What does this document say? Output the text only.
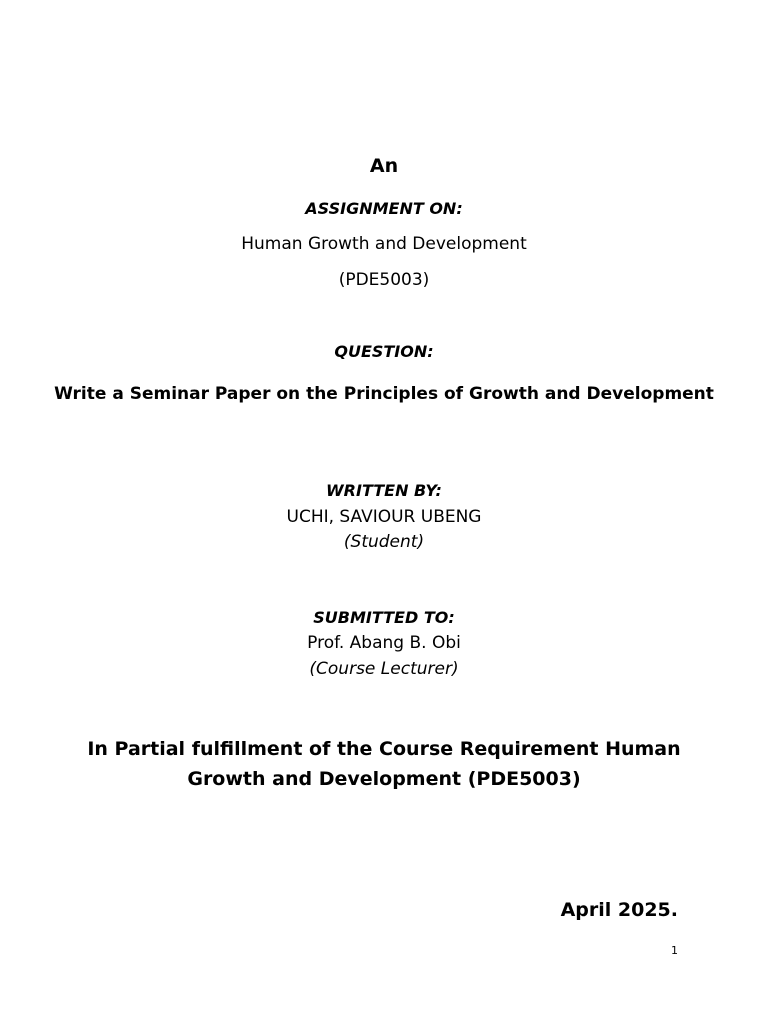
An
ASSIGNMENT ON:
Human Growth and Development
(PDE5003)
QUESTION:
Write a Seminar Paper on the Principles of Growth and Development
WRITTEN BY:
UCHI, SAVIOUR UBENG
(Student)
SUBMITTED TO:
Prof. Abang B. Obi
(Course Lecturer)
In Partial fulfillment of the Course Requirement Human
Growth and Development (PDE5003)
April 2025.
1
